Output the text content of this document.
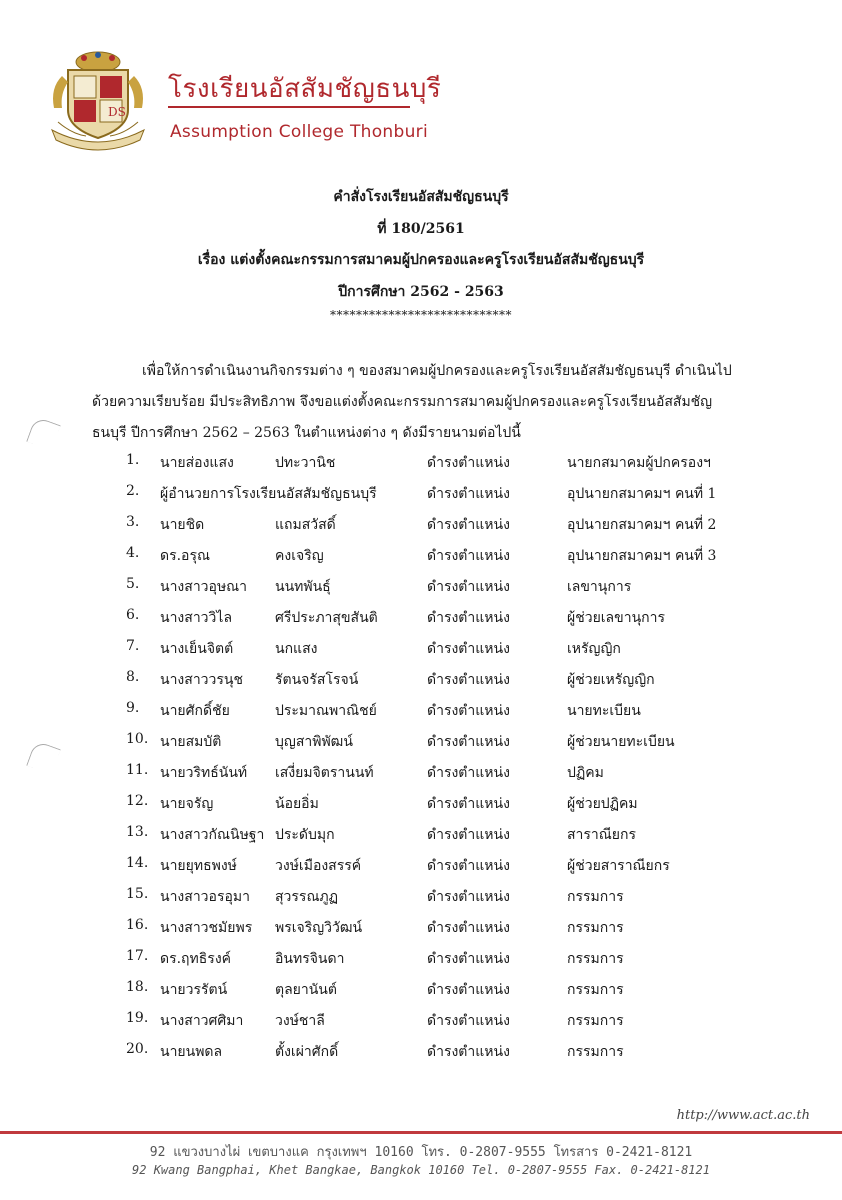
DS
โรงเรียนอัสสัมชัญธนบุรี
Assumption College Thonburi
คำสั่งโรงเรียนอัสสัมชัญธนบุรี
ที่ 180/2561
เรื่อง แต่งตั้งคณะกรรมการสมาคมผู้ปกครองและครูโรงเรียนอัสสัมชัญธนบุรี
ปีการศึกษา 2562 - 2563
****************************
เพื่อให้การดำเนินงานกิจกรรมต่าง ๆ ของสมาคมผู้ปกครองและครูโรงเรียนอัสสัมชัญธนบุรี ดำเนินไป
ด้วยความเรียบร้อย มีประสิทธิภาพ จึงขอแต่งตั้งคณะกรรมการสมาคมผู้ปกครองและครูโรงเรียนอัสสัมชัญ
ธนบุรี ปีการศึกษา 2562 – 2563 ในตำแหน่งต่าง ๆ ดังมีรายนามต่อไปนี้
1. นายส่องแสง	ปทะวานิช	ดำรงตำแหน่ง	นายกสมาคมผู้ปกครองฯ
2. ผู้อำนวยการโรงเรียนอัสสัมชัญธนบุรี	ดำรงตำแหน่ง	อุปนายกสมาคมฯ คนที่ 1
3. นายชิด	แถมสวัสดิ์	ดำรงตำแหน่ง	อุปนายกสมาคมฯ คนที่ 2
4. ดร.อรุณ	คงเจริญ	ดำรงตำแหน่ง	อุปนายกสมาคมฯ คนที่ 3
5. นางสาวอุษณา นนทพันธุ์	ดำรงตำแหน่ง	เลขานุการ
6. นางสาววิไล	ศรีประภาสุขสันติ	ดำรงตำแหน่ง	ผู้ช่วยเลขานุการ
7. นางเย็นจิตต์	นกแสง	ดำรงตำแหน่ง	เหรัญญิก
8. นางสาววรนุช รัตนจรัสโรจน์	ดำรงตำแหน่ง	ผู้ช่วยเหรัญญิก
9. นายศักดิ์ชัย	ประมาณพาณิชย์	ดำรงตำแหน่ง	นายทะเบียน
10. นายสมบัติ	บุญสาพิพัฒน์	ดำรงตำแหน่ง	ผู้ช่วยนายทะเบียน
11. นายวริทธ์นันท์ เสงี่ยมจิตรานนท์	ดำรงตำแหน่ง	ปฏิคม
12. นายจรัญ	น้อยอิ่ม	ดำรงตำแหน่ง	ผู้ช่วยปฏิคม
13. นางสาวกัณนิษฐา ประดับมุก	ดำรงตำแหน่ง	สาราณียกร
14. นายยุทธพงษ์	วงษ์เมืองสรรค์	ดำรงตำแหน่ง	ผู้ช่วยสาราณียกร
15. นางสาวอรอุมา สุวรรณภูฏ	ดำรงตำแหน่ง	กรรมการ
16. นางสาวชมัยพร พรเจริญวิวัฒน์	ดำรงตำแหน่ง	กรรมการ
17. ดร.ฤทธิรงค์	อินทรจินดา	ดำรงตำแหน่ง	กรรมการ
18. นายวรรัตน์	ตุลยานันต์	ดำรงตำแหน่ง	กรรมการ
19. นางสาวศศิมา วงษ์ชาลี	ดำรงตำแหน่ง	กรรมการ
20. นายนพดล	ตั้งเผ่าศักดิ์	ดำรงตำแหน่ง	กรรมการ
http://www.act.ac.th
92 แขวงบางไผ่ เขตบางแค กรุงเทพฯ 10160 โทร. 0-2807-9555 โทรสาร 0-2421-8121
92 Kwang Bangphai, Khet Bangkae, Bangkok 10160 Tel. 0-2807-9555 Fax. 0-2421-8121
